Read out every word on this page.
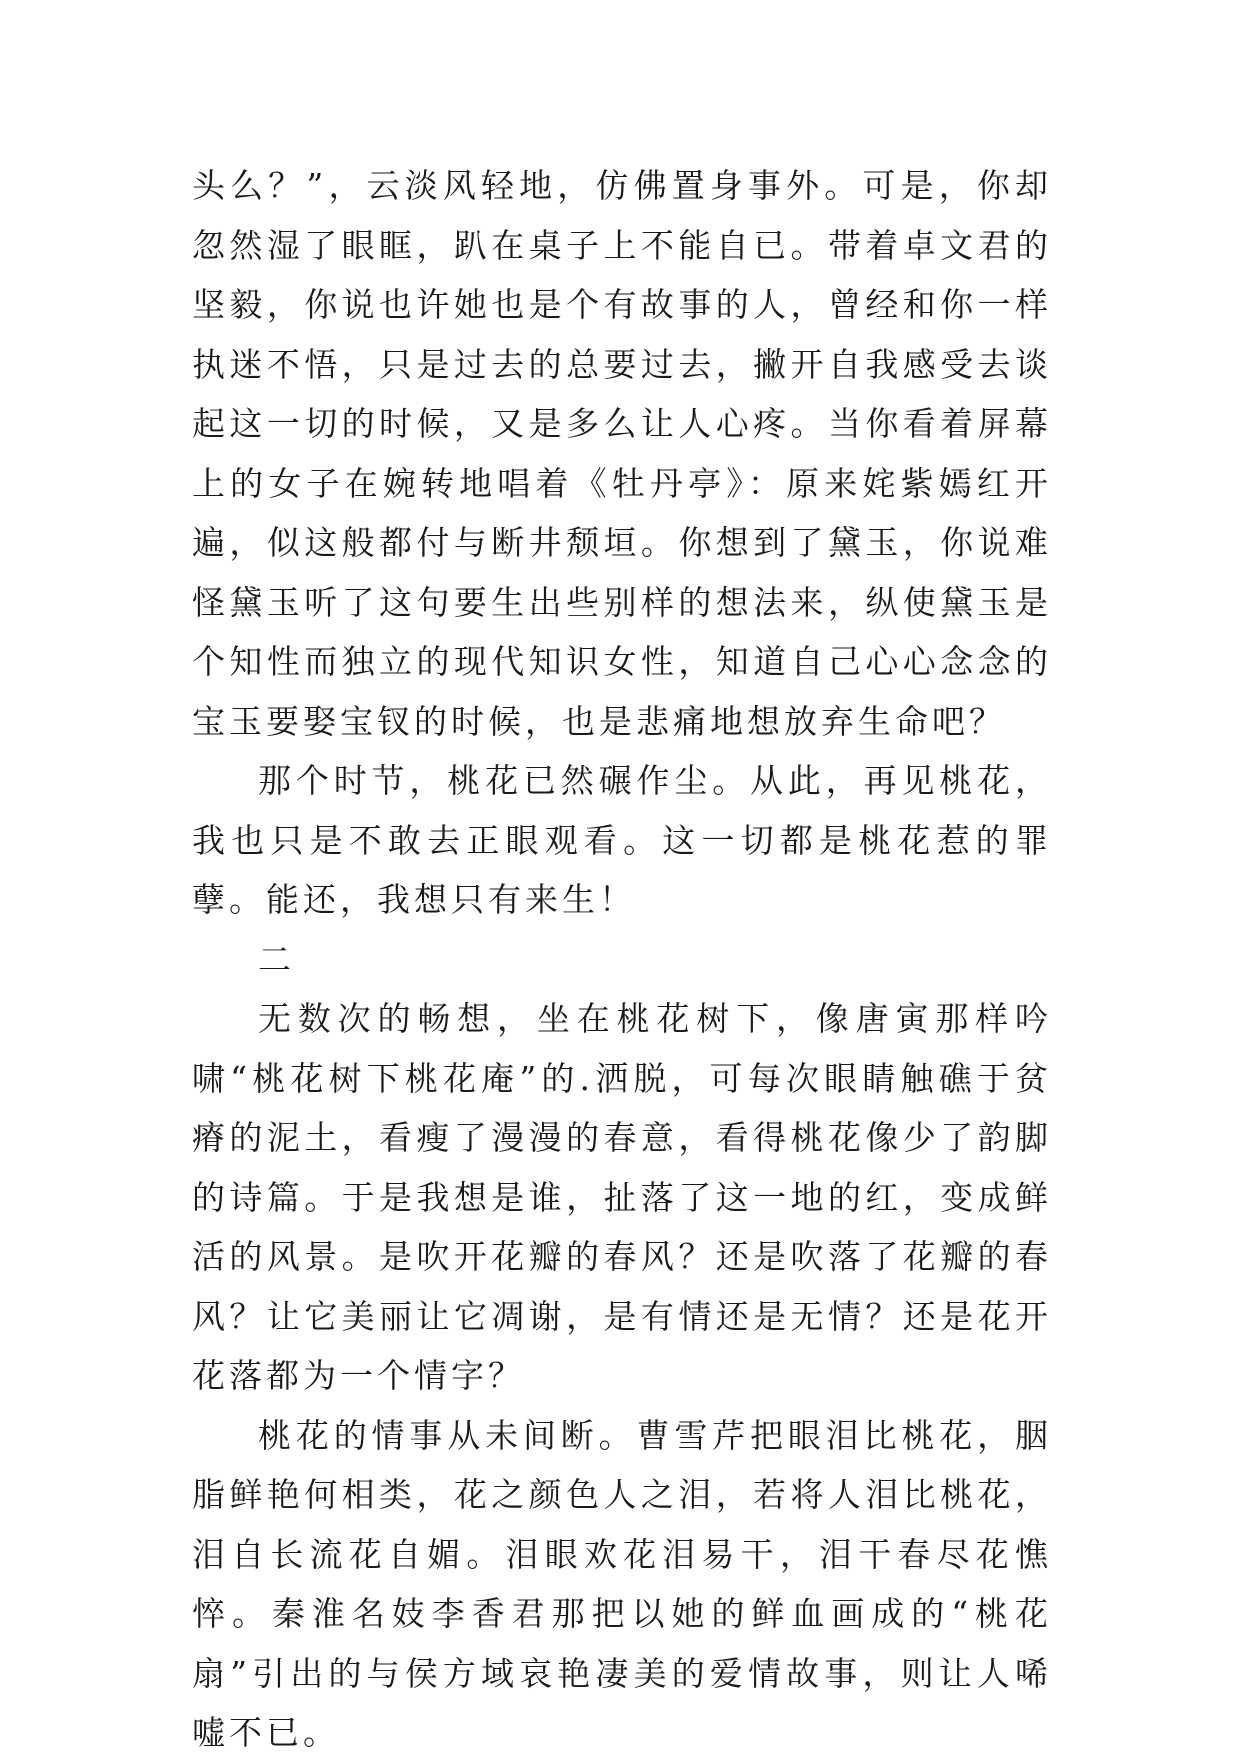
头么？”，云淡风轻地，仿佛置身事外。可是，你却忽然湿了眼眶，趴在桌子上不能自已。带着卓文君的坚毅，你说也许她也是个有故事的人，曾经和你一样执迷不悟，只是过去的总要过去，撇开自我感受去谈起这一切的时候，又是多么让人心疼。当你看着屏幕上的女子在婉转地唱着《牡丹亭》：原来姹紫嫣红开遍，似这般都付与断井颓垣。你想到了黛玉，你说难怪黛玉听了这句要生出些别样的想法来，纵使黛玉是个知性而独立的现代知识女性，知道自己心心念念的宝玉要娶宝钗的时候，也是悲痛地想放弃生命吧？

那个时节，桃花已然碾作尘。从此，再见桃花，我也只是不敢去正眼观看。这一切都是桃花惹的罪孽。能还，我想只有来生！

二

无数次的畅想，坐在桃花树下，像唐寅那样吟啸“桃花树下桃花庵”的.洒脱，可每次眼睛触礁于贫瘠的泥土，看瘦了漫漫的春意，看得桃花像少了韵脚的诗篇。于是我想是谁，扯落了这一地的红，变成鲜活的风景。是吹开花瓣的春风？还是吹落了花瓣的春风？让它美丽让它凋谢，是有情还是无情？还是花开花落都为一个情字？

桃花的情事从未间断。曹雪芹把眼泪比桃花，胭脂鲜艳何相类，花之颜色人之泪，若将人泪比桃花，泪自长流花自媚。泪眼欢花泪易干，泪干春尽花憔悴。秦淮名妓李香君那把以她的鲜血画成的“桃花扇”引出的与侯方域哀艳凄美的爱情故事，则让人唏嘘不已。
